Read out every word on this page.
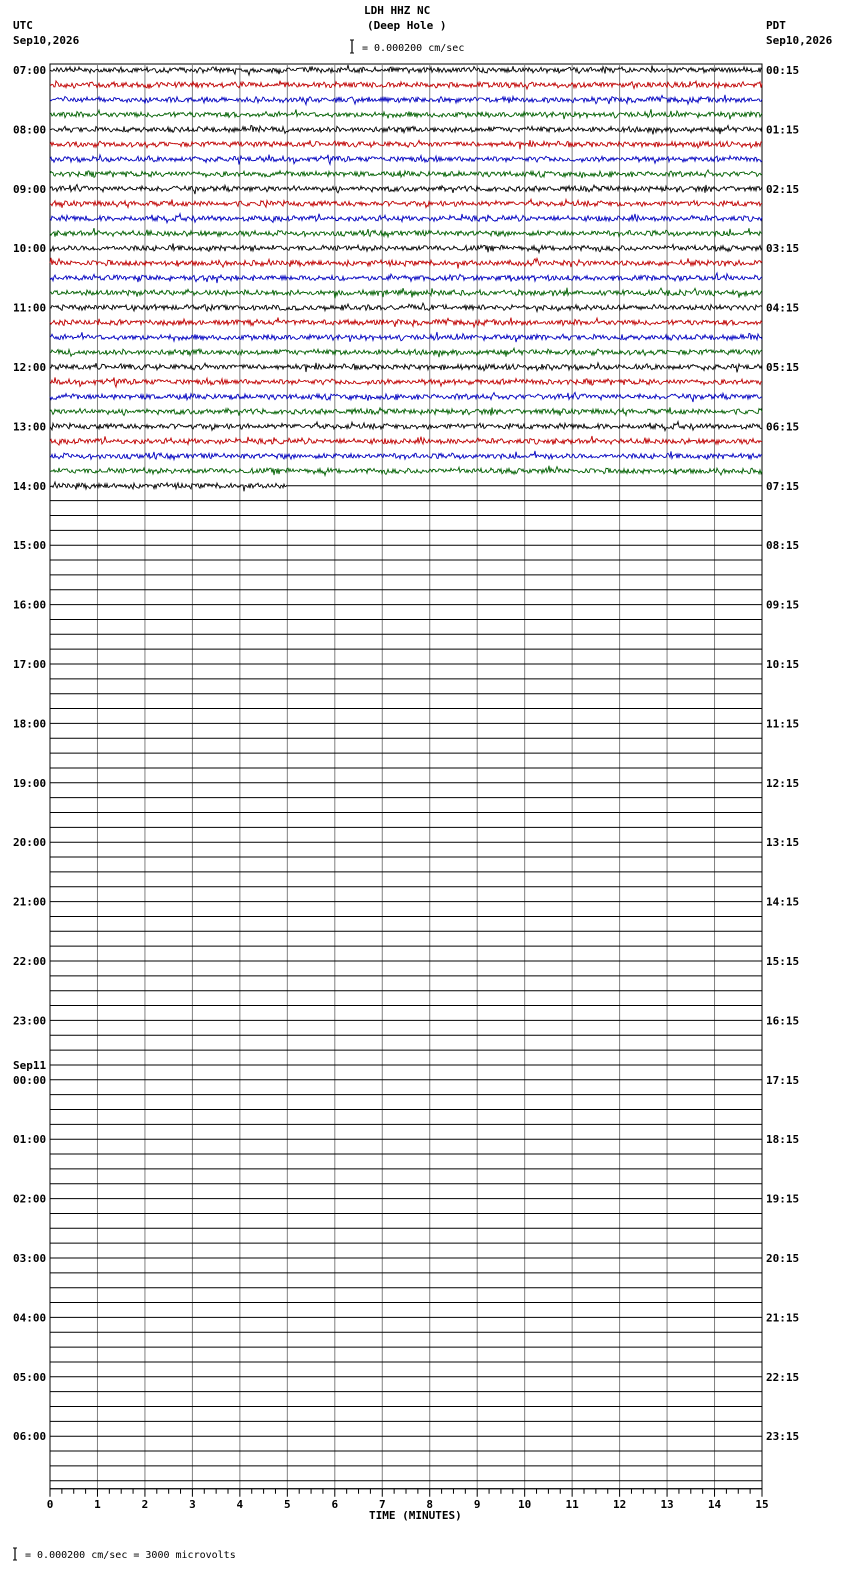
0	1	2	3	4	5	6	7	8	9	10	11	12	13	14	15
07:00
08:00
09:00
10:00
11:00
12:00
13:00
14:00
15:00
16:00
17:00
18:00
19:00
20:00
21:00
22:00
23:00
00:00
Sep11
01:00
02:00
03:00
04:00
05:00
06:00
00:15
01:15
02:15
03:15
04:15
05:15
06:15
07:15
08:15
09:15
10:15
11:15
12:15
13:15
14:15
15:15
16:15
17:15
18:15
19:15
20:15
21:15
22:15
23:15
LDH HHZ NC
(Deep Hole )
UTC
Sep10,2026
PDT
Sep10,2026
= 0.000200 cm/sec
TIME (MINUTES)
= 0.000200 cm/sec = 3000 microvolts
